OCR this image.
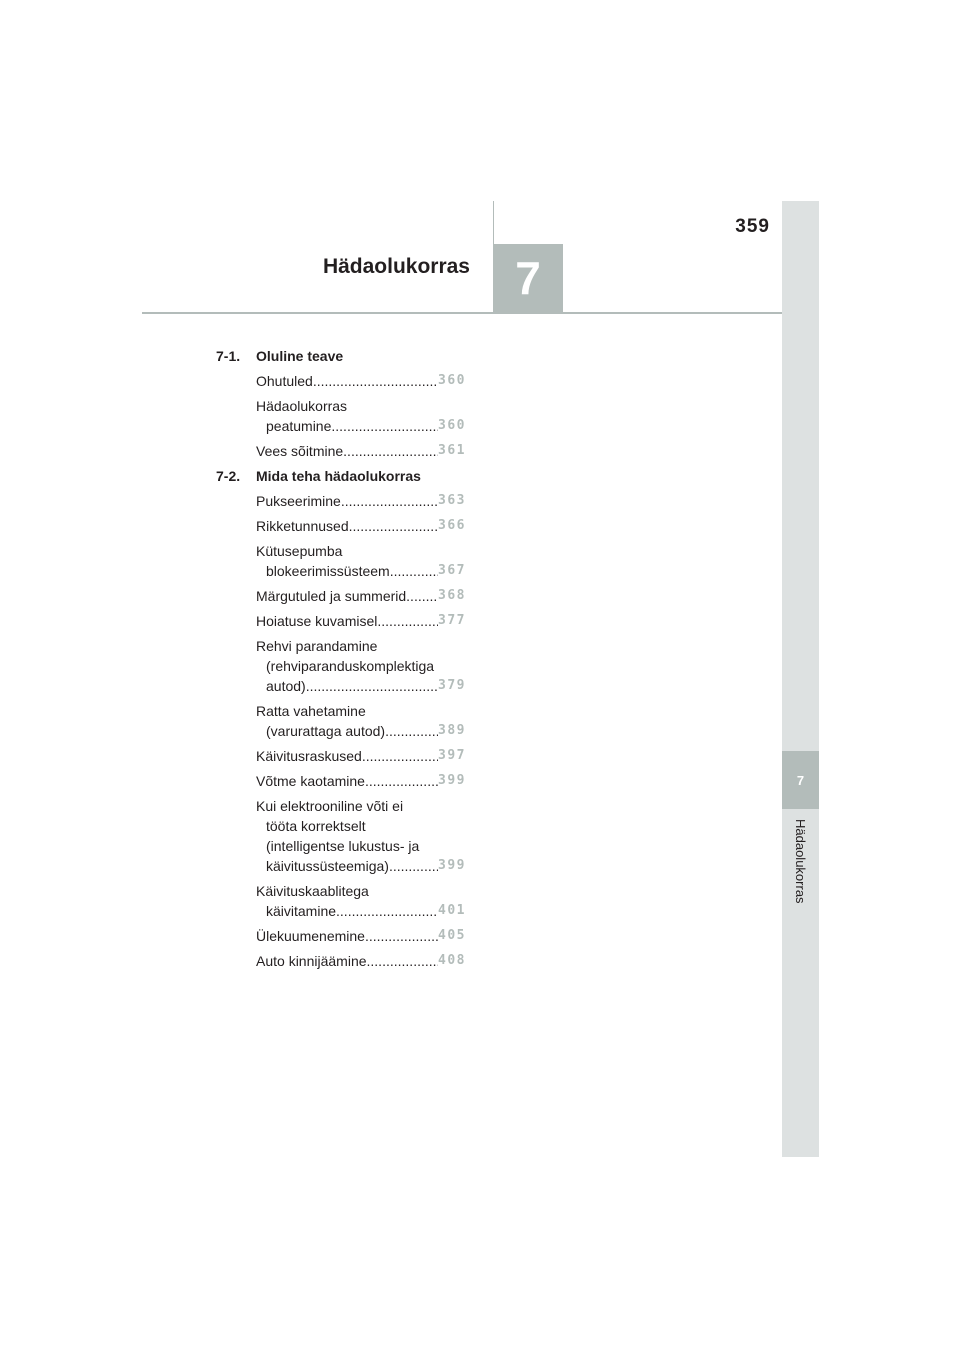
359
Hädaolukorras 7
7
Hädaolukorras
7-1.	Oluline teave
Ohutuled .....	360
Hädaolukorras
peatumine .....	360
Vees sõitmine .....	361
7-2.	Mida teha hädaolukorras
Pukseerimine .....	363
Rikketunnused .....	366
Kütusepumba
blokeerimissüsteem .....	367
Märgutuled ja summerid ..... 368
Hoiatuse kuvamisel .....	377
Rehvi parandamine
(rehviparanduskomplektiga
autod) .....	379
Ratta vahetamine
(varurattaga autod) .....	389
Käivitusraskused .....	397
Võtme kaotamine .....	399
Kui elektrooniline võti ei
tööta korrektselt
(intelligentse lukustus- ja
käivitussüsteemiga) .....	399
Käivituskaablitega
käivitamine .....	401
Ülekuumenemine .....	405
Auto kinnijäämine .....	408
